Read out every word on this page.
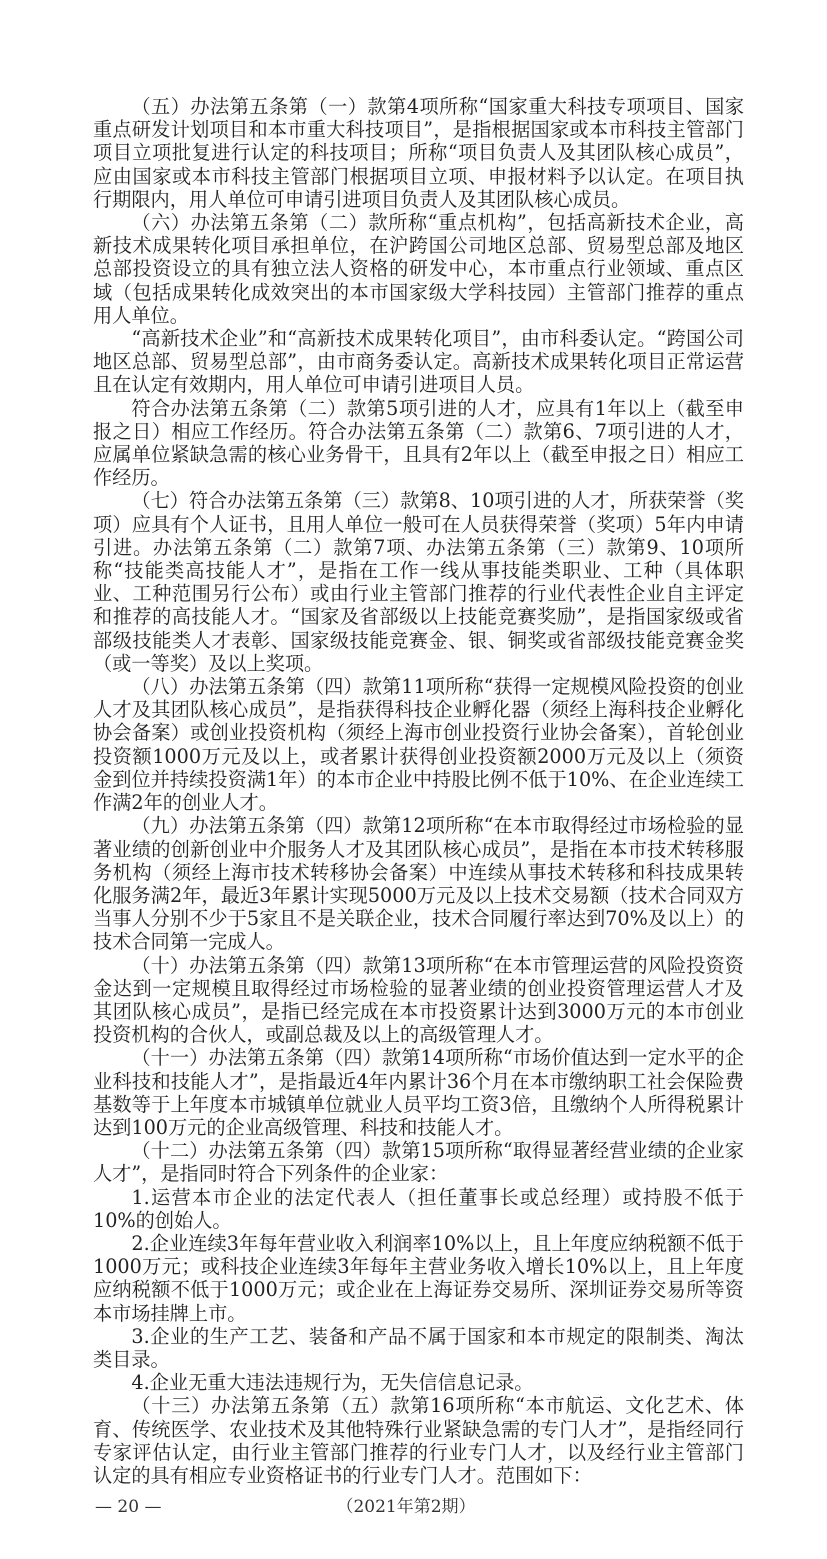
（五）办法第五条第（一）款第4项所称“国家重大科技专项项目、国家重点研发计划项目和本市重大科技项目”，是指根据国家或本市科技主管部门项目立项批复进行认定的科技项目；所称“项目负责人及其团队核心成员”，应由国家或本市科技主管部门根据项目立项、申报材料予以认定。在项目执行期限内，用人单位可申请引进项目负责人及其团队核心成员。

（六）办法第五条第（二）款所称“重点机构”，包括高新技术企业，高新技术成果转化项目承担单位，在沪跨国公司地区总部、贸易型总部及地区总部投资设立的具有独立法人资格的研发中心，本市重点行业领域、重点区域（包括成果转化成效突出的本市国家级大学科技园）主管部门推荐的重点用人单位。

“高新技术企业”和“高新技术成果转化项目”，由市科委认定。“跨国公司地区总部、贸易型总部”，由市商务委认定。高新技术成果转化项目正常运营且在认定有效期内，用人单位可申请引进项目人员。

符合办法第五条第（二）款第5项引进的人才，应具有1年以上（截至申报之日）相应工作经历。符合办法第五条第（二）款第6、7项引进的人才，应属单位紧缺急需的核心业务骨干，且具有2年以上（截至申报之日）相应工作经历。

（七）符合办法第五条第（三）款第8、10项引进的人才，所获荣誉（奖项）应具有个人证书，且用人单位一般可在人员获得荣誉（奖项）5年内申请引进。办法第五条第（二）款第7项、办法第五条第（三）款第9、10项所称“技能类高技能人才”，是指在工作一线从事技能类职业、工种（具体职业、工种范围另行公布）或由行业主管部门推荐的行业代表性企业自主评定和推荐的高技能人才。“国家及省部级以上技能竞赛奖励”，是指国家级或省部级技能类人才表彰、国家级技能竞赛金、银、铜奖或省部级技能竞赛金奖（或一等奖）及以上奖项。

（八）办法第五条第（四）款第11项所称“获得一定规模风险投资的创业人才及其团队核心成员”，是指获得科技企业孵化器（须经上海科技企业孵化协会备案）或创业投资机构（须经上海市创业投资行业协会备案），首轮创业投资额1000万元及以上，或者累计获得创业投资额2000万元及以上（须资金到位并持续投资满1年）的本市企业中持股比例不低于10%、在企业连续工作满2年的创业人才。

（九）办法第五条第（四）款第12项所称“在本市取得经过市场检验的显著业绩的创新创业中介服务人才及其团队核心成员”，是指在本市技术转移服务机构（须经上海市技术转移协会备案）中连续从事技术转移和科技成果转化服务满2年，最近3年累计实现5000万元及以上技术交易额（技术合同双方当事人分别不少于5家且不是关联企业，技术合同履行率达到70%及以上）的技术合同第一完成人。

（十）办法第五条第（四）款第13项所称“在本市管理运营的风险投资资金达到一定规模且取得经过市场检验的显著业绩的创业投资管理运营人才及其团队核心成员”，是指已经完成在本市投资累计达到3000万元的本市创业投资机构的合伙人，或副总裁及以上的高级管理人才。

（十一）办法第五条第（四）款第14项所称“市场价值达到一定水平的企业科技和技能人才”，是指最近4年内累计36个月在本市缴纳职工社会保险费基数等于上年度本市城镇单位就业人员平均工资3倍，且缴纳个人所得税累计达到100万元的企业高级管理、科技和技能人才。

（十二）办法第五条第（四）款第15项所称“取得显著经营业绩的企业家人才”，是指同时符合下列条件的企业家：

1.运营本市企业的法定代表人（担任董事长或总经理）或持股不低于10%的创始人。

2.企业连续3年每年营业收入利润率10%以上，且上年度应纳税额不低于1000万元；或科技企业连续3年每年主营业务收入增长10%以上，且上年度应纳税额不低于1000万元；或企业在上海证券交易所、深圳证券交易所等资本市场挂牌上市。

3.企业的生产工艺、装备和产品不属于国家和本市规定的限制类、淘汰类目录。

4.企业无重大违法违规行为，无失信信息记录。

（十三）办法第五条第（五）款第16项所称“本市航运、文化艺术、体育、传统医学、农业技术及其他特殊行业紧缺急需的专门人才”，是指经同行专家评估认定，由行业主管部门推荐的行业专门人才，以及经行业主管部门认定的具有相应专业资格证书的行业专门人才。范围如下：

— 20 —	（2021年第2期）
